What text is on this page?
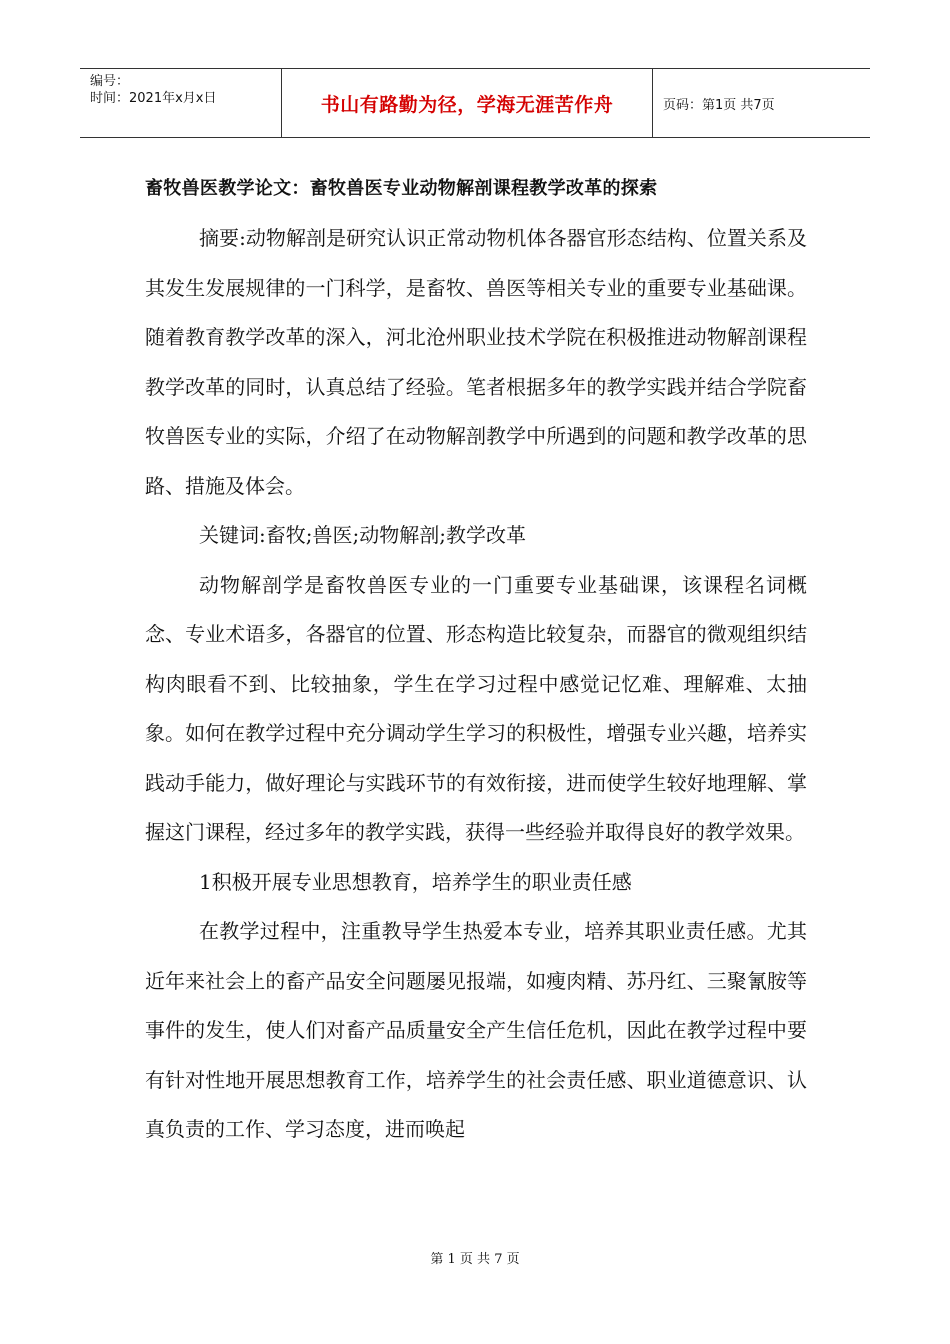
编号：
时间：2021年x月x日	书山有路勤为径，学海无涯苦作舟	页码：第1页 共7页
畜牧兽医教学论文：畜牧兽医专业动物解剖课程教学改革的探索

摘要:动物解剖是研究认识正常动物机体各器官形态结构、位置关系及其发生发展规律的一门科学，是畜牧、兽医等相关专业的重要专业基础课。随着教育教学改革的深入，河北沧州职业技术学院在积极推进动物解剖课程教学改革的同时，认真总结了经验。笔者根据多年的教学实践并结合学院畜牧兽医专业的实际，介绍了在动物解剖教学中所遇到的问题和教学改革的思路、措施及体会。

关键词:畜牧;兽医;动物解剖;教学改革

动物解剖学是畜牧兽医专业的一门重要专业基础课，该课程名词概念、专业术语多，各器官的位置、形态构造比较复杂，而器官的微观组织结构肉眼看不到、比较抽象，学生在学习过程中感觉记忆难、理解难、太抽象。如何在教学过程中充分调动学生学习的积极性，增强专业兴趣，培养实践动手能力，做好理论与实践环节的有效衔接，进而使学生较好地理解、掌握这门课程，经过多年的教学实践，获得一些经验并取得良好的教学效果。

1积极开展专业思想教育，培养学生的职业责任感

在教学过程中，注重教导学生热爱本专业，培养其职业责任感。尤其近年来社会上的畜产品安全问题屡见报端，如瘦肉精、苏丹红、三聚氰胺等事件的发生，使人们对畜产品质量安全产生信任危机，因此在教学过程中要有针对性地开展思想教育工作，培养学生的社会责任感、职业道德意识、认真负责的工作、学习态度，进而唤起

第 1 页 共 7 页
